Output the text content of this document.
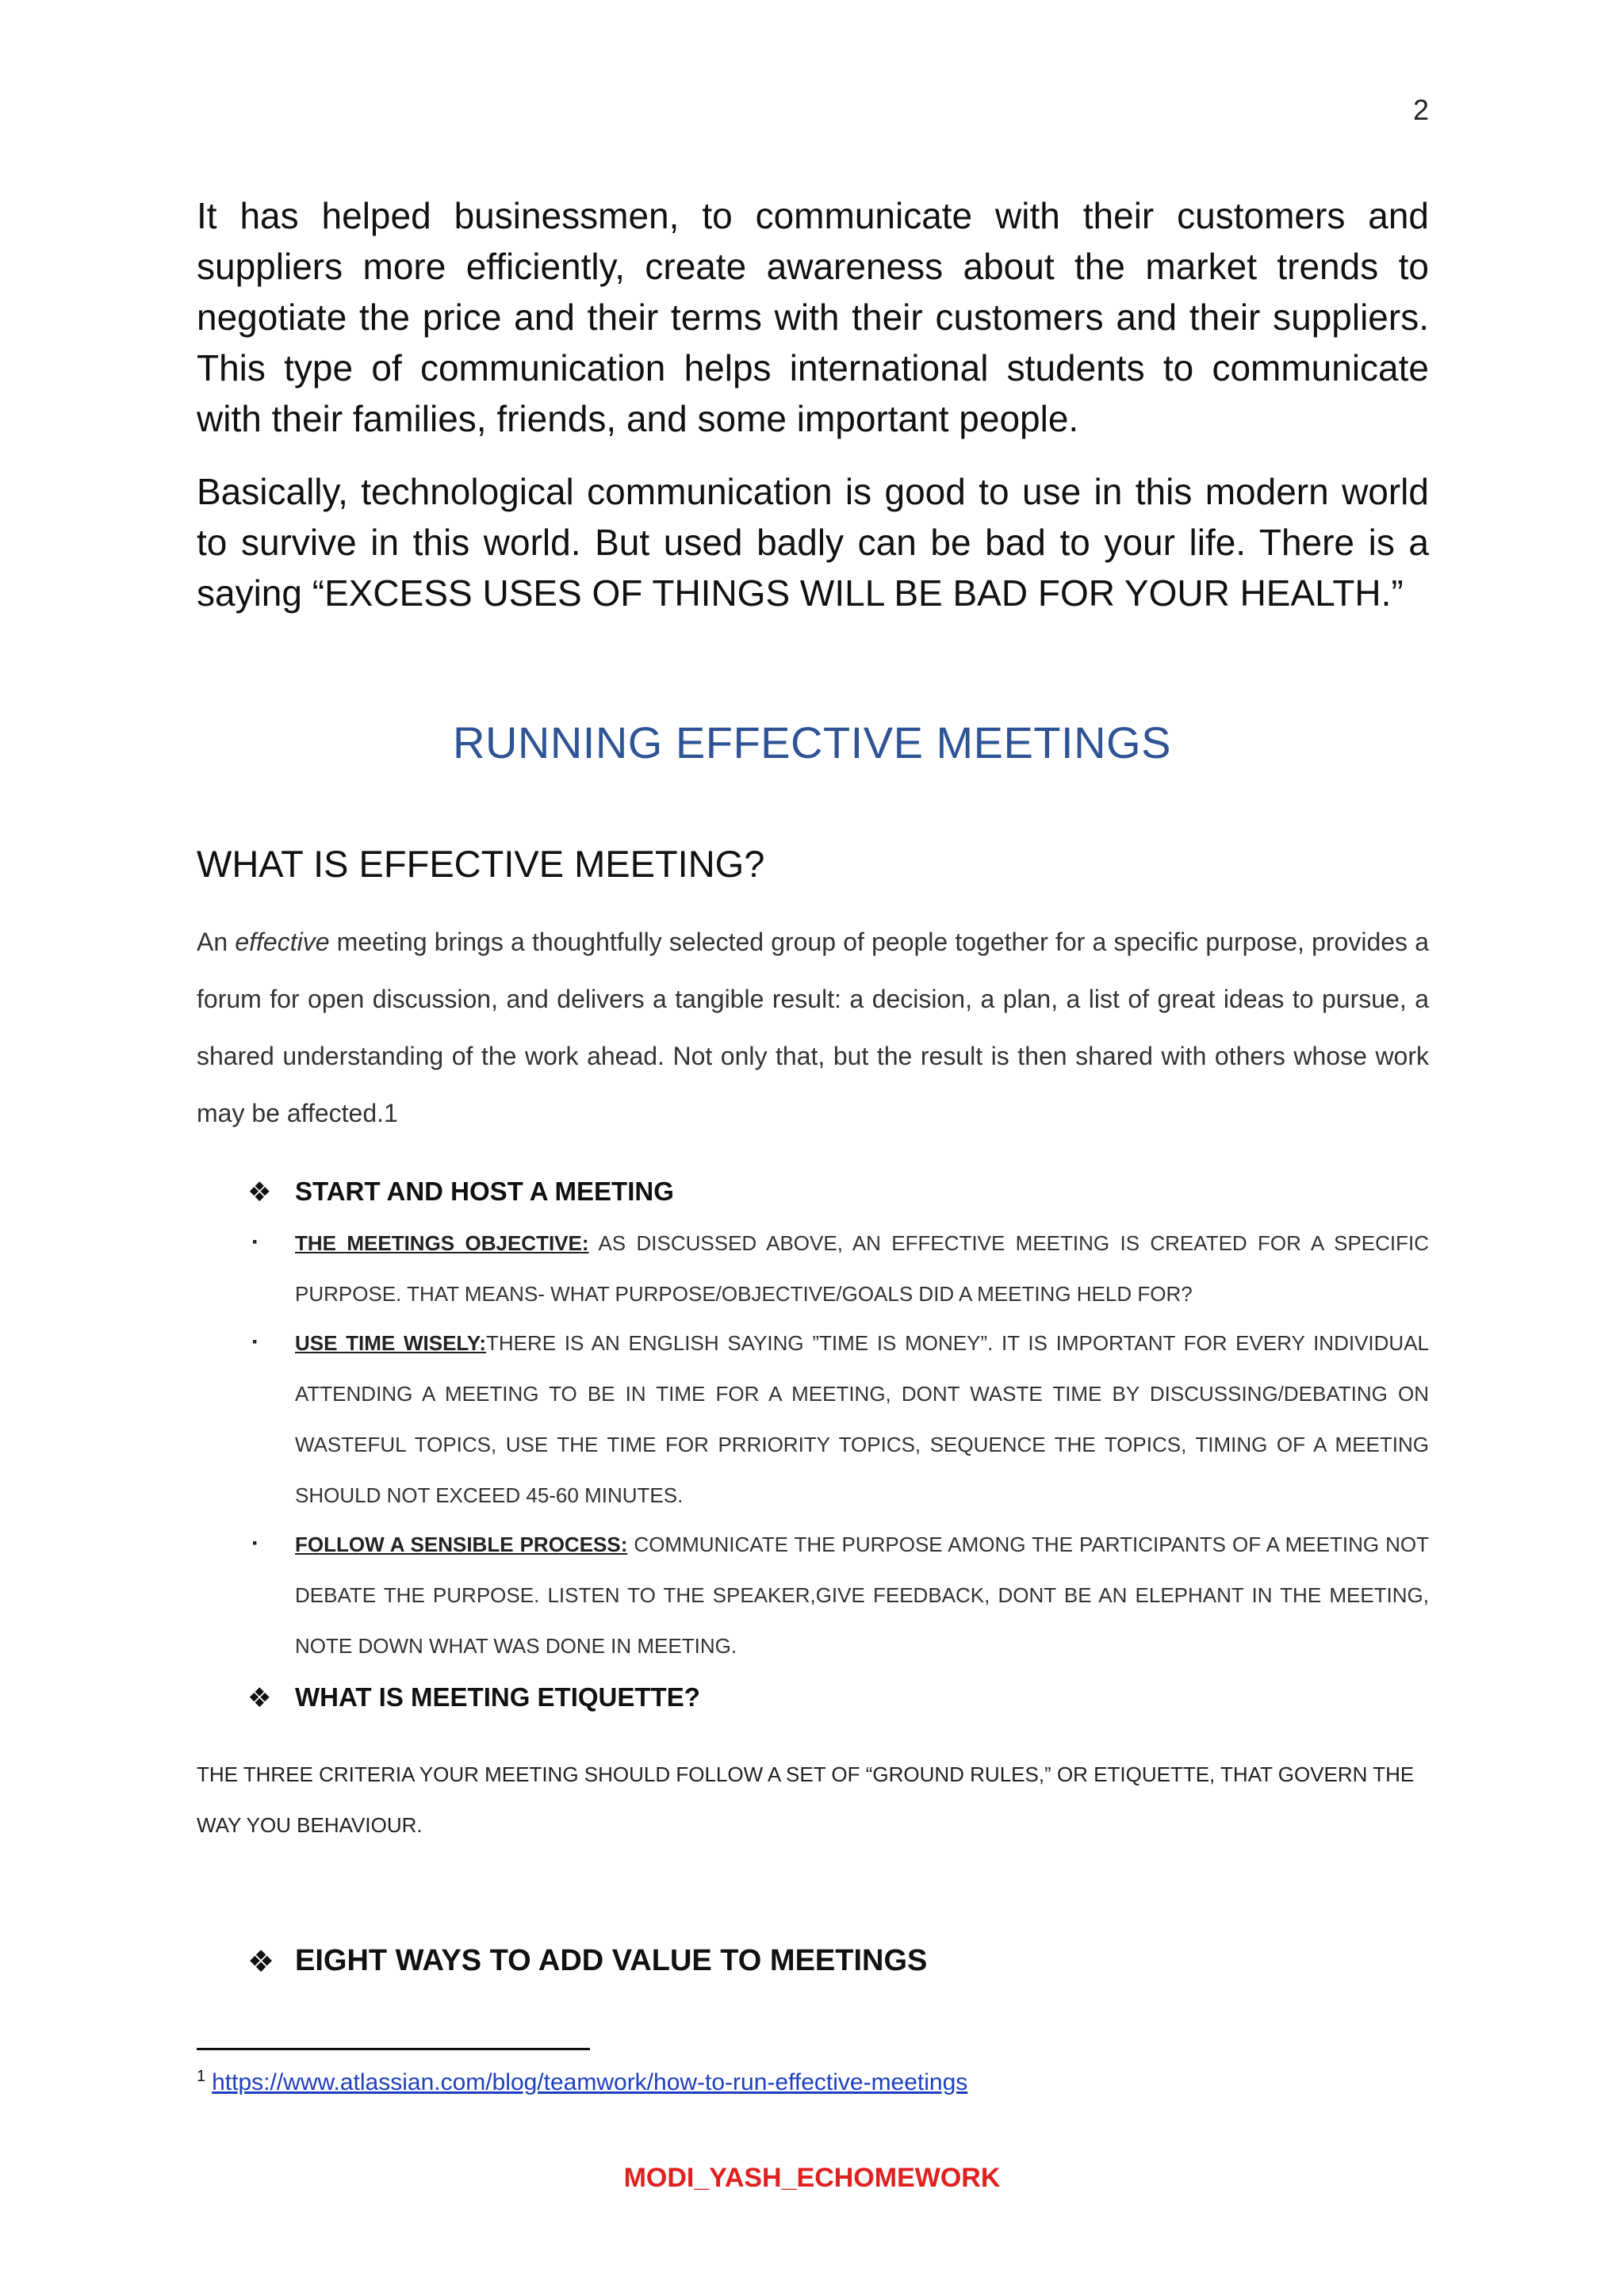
2

It has helped businessmen, to communicate with their customers and suppliers more efficiently, create awareness about the market trends to negotiate the price and their terms with their customers and their suppliers. This type of communication helps international students to communicate with their families, friends, and some important people.

Basically, technological communication is good to use in this modern world to survive in this world. But used badly can be bad to your life. There is a saying “EXCESS USES OF THINGS WILL BE BAD FOR YOUR HEALTH.”

RUNNING EFFECTIVE MEETINGS
WHAT IS EFFECTIVE MEETING?
An effective meeting brings a thoughtfully selected group of people together for a specific purpose, provides a forum for open discussion, and delivers a tangible result: a decision, a plan, a list of great ideas to pursue, a shared understanding of the work ahead. Not only that, but the result is then shared with others whose work may be affected.1
❖ START AND HOST A MEETING
▪ THE MEETINGS OBJECTIVE: AS DISCUSSED ABOVE, AN EFFECTIVE MEETING IS CREATED FOR A SPECIFIC PURPOSE. THAT MEANS- WHAT PURPOSE/OBJECTIVE/GOALS DID A MEETING HELD FOR?
▪ USE TIME WISELY:THERE IS AN ENGLISH SAYING ”TIME IS MONEY”. IT IS IMPORTANT FOR EVERY INDIVIDUAL ATTENDING A MEETING TO BE IN TIME FOR A MEETING, DONT WASTE TIME BY DISCUSSING/DEBATING ON WASTEFUL TOPICS, USE THE TIME FOR PRRIORITY TOPICS, SEQUENCE THE TOPICS, TIMING OF A MEETING SHOULD NOT EXCEED 45-60 MINUTES.
▪ FOLLOW A SENSIBLE PROCESS: COMMUNICATE THE PURPOSE AMONG THE PARTICIPANTS OF A MEETING NOT DEBATE THE PURPOSE. LISTEN TO THE SPEAKER,GIVE FEEDBACK, DONT BE AN ELEPHANT IN THE MEETING, NOTE DOWN WHAT WAS DONE IN MEETING.
❖ WHAT IS MEETING ETIQUETTE?
THE THREE CRITERIA YOUR MEETING SHOULD FOLLOW A SET OF “GROUND RULES,” OR ETIQUETTE, THAT GOVERN THE WAY YOU BEHAVIOUR.
❖ EIGHT WAYS TO ADD VALUE TO MEETINGS
$^1$ https://www.atlassian.com/blog/teamwork/how-to-run-effective-meetings
MODI_YASH_ECHOMEWORK
